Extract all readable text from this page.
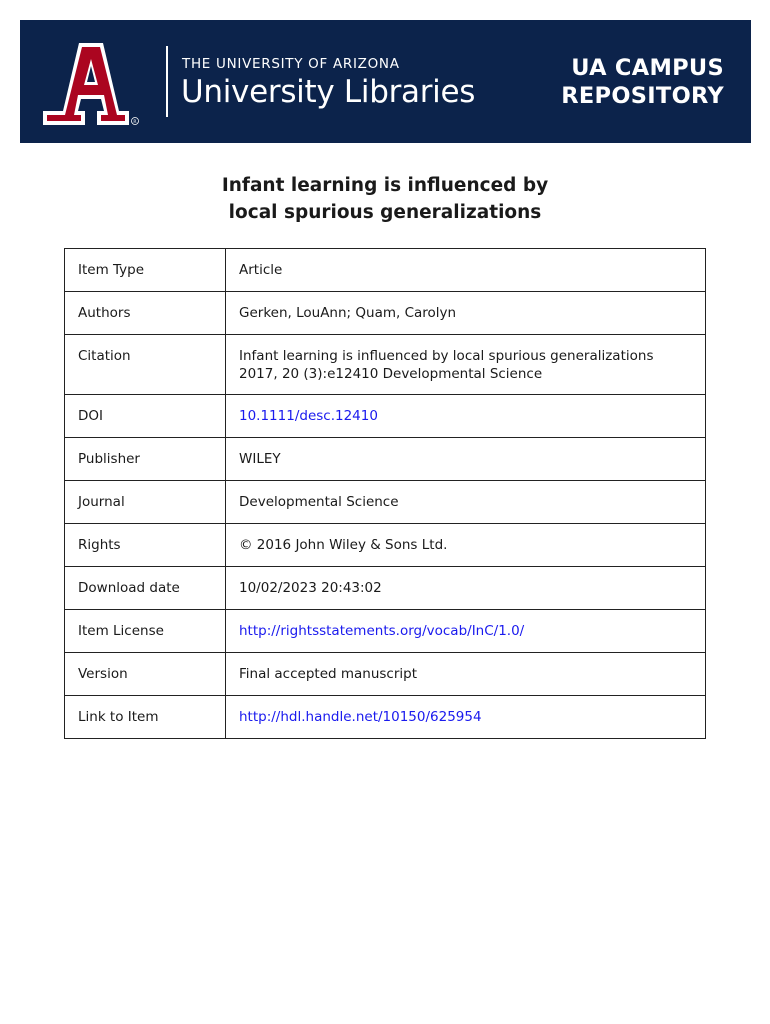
R
THE UNIVERSITY OF ARIZONA
University Libraries
UA CAMPUS
REPOSITORY
Infant learning is influenced by
local spurious generalizations
Item Type	Article
Authors	Gerken, LouAnn; Quam, Carolyn
Citation	Infant learning is influenced by local spurious generalizations
2017, 20 (3):e12410 Developmental Science

DOI	10.1111/desc.12410
Publisher	WILEY
Journal	Developmental Science
Rights	© 2016 John Wiley & Sons Ltd.
Download date	10/02/2023 20:43:02
Item License	http://rightsstatements.org/vocab/InC/1.0/
Version	Final accepted manuscript
Link to Item	http://hdl.handle.net/10150/625954
